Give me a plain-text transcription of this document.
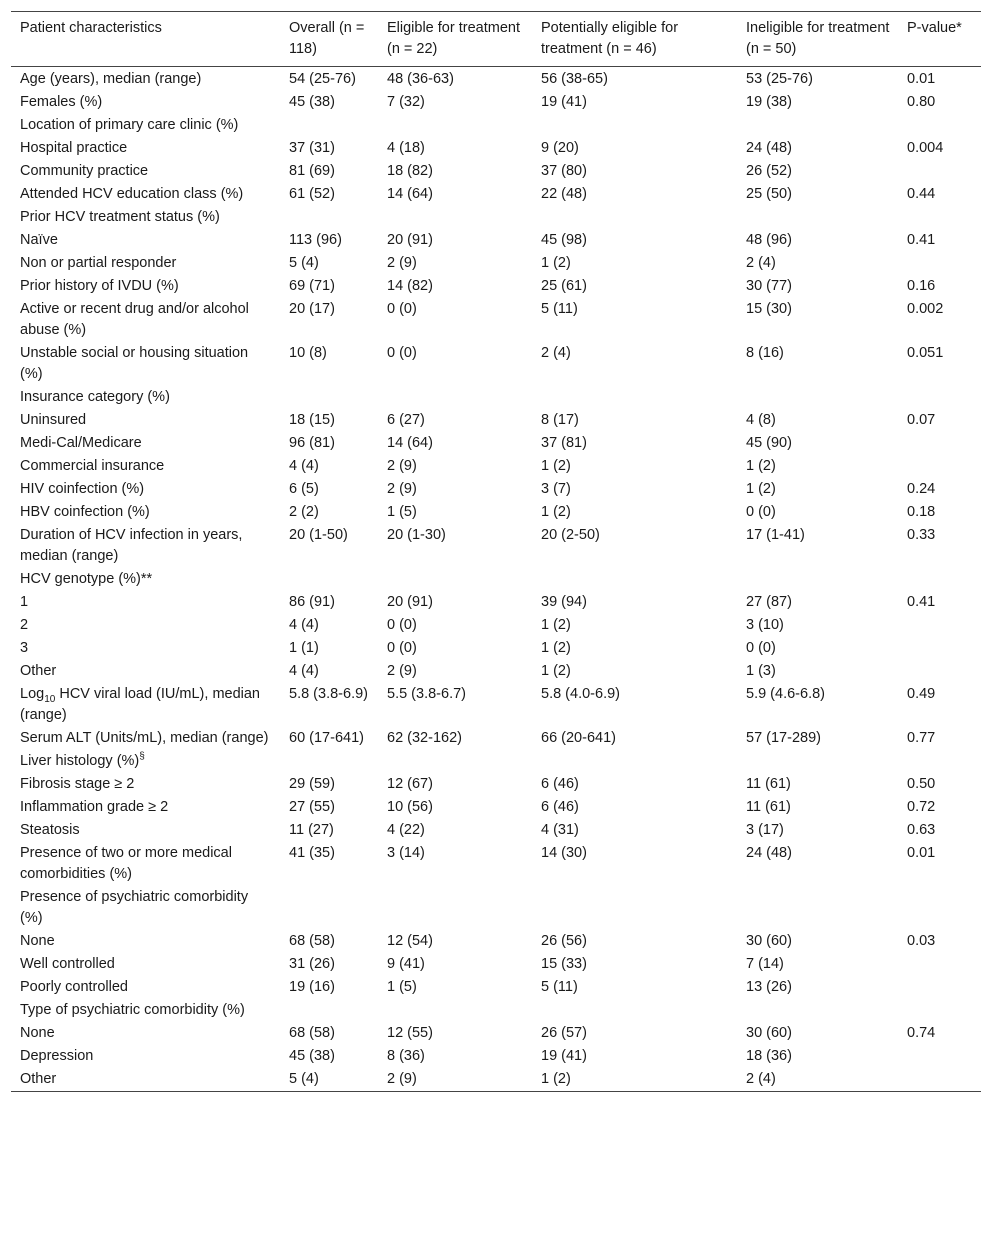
Patient characteristics	Overall (n = 118)	Eligible for treatment (n = 22)	Potentially eligible for treatment (n = 46)	Ineligible for treatment (n = 50)	P-value*
Age (years), median (range)	54 (25-76)	48 (36-63)	56 (38-65)	53 (25-76)	0.01
Females (%)	45 (38)	7 (32)	19 (41)	19 (38)	0.80
Location of primary care clinic (%)					
Hospital practice	37 (31)	4 (18)	9 (20)	24 (48)	0.004
Community practice	81 (69)	18 (82)	37 (80)	26 (52)	
Attended HCV education class (%)	61 (52)	14 (64)	22 (48)	25 (50)	0.44
Prior HCV treatment status (%)					
Naïve	113 (96)	20 (91)	45 (98)	48 (96)	0.41
Non or partial responder	5 (4)	2 (9)	1 (2)	2 (4)	
Prior history of IVDU (%)	69 (71)	14 (82)	25 (61)	30 (77)	0.16
Active or recent drug and/or alcohol abuse (%)	20 (17)	0 (0)	5 (11)	15 (30)	0.002
Unstable social or housing situation (%)	10 (8)	0 (0)	2 (4)	8 (16)	0.051
Insurance category (%)					
Uninsured	18 (15)	6 (27)	8 (17)	4 (8)	0.07
Medi-Cal/Medicare	96 (81)	14 (64)	37 (81)	45 (90)	
Commercial insurance	4 (4)	2 (9)	1 (2)	1 (2)	
HIV coinfection (%)	6 (5)	2 (9)	3 (7)	1 (2)	0.24
HBV coinfection (%)	2 (2)	1 (5)	1 (2)	0 (0)	0.18
Duration of HCV infection in years, median (range)	20 (1-50)	20 (1-30)	20 (2-50)	17 (1-41)	0.33
HCV genotype (%)**					
1	86 (91)	20 (91)	39 (94)	27 (87)	0.41
2	4 (4)	0 (0)	1 (2)	3 (10)	
3	1 (1)	0 (0)	1 (2)	0 (0)	
Other	4 (4)	2 (9)	1 (2)	1 (3)	
Log$_{10}$ HCV viral load (IU/mL), median (range)	5.8 (3.8-6.9)	5.5 (3.8-6.7)	5.8 (4.0-6.9)	5.9 (4.6-6.8)	0.49
Serum ALT (Units/mL), median (range)	60 (17-641)	62 (32-162)	66 (20-641)	57 (17-289)	0.77
Liver histology (%)§					
Fibrosis stage ≥ 2	29 (59)	12 (67)	6 (46)	11 (61)	0.50
Inflammation grade ≥ 2	27 (55)	10 (56)	6 (46)	11 (61)	0.72
Steatosis	11 (27)	4 (22)	4 (31)	3 (17)	0.63
Presence of two or more medical comorbidities (%)	41 (35)	3 (14)	14 (30)	24 (48)	0.01
Presence of psychiatric comorbidity (%)					
None	68 (58)	12 (54)	26 (56)	30 (60)	0.03
Well controlled	31 (26)	9 (41)	15 (33)	7 (14)	
Poorly controlled	19 (16)	1 (5)	5 (11)	13 (26)	
Type of psychiatric comorbidity (%)					
None	68 (58)	12 (55)	26 (57)	30 (60)	0.74
Depression	45 (38)	8 (36)	19 (41)	18 (36)	
Other	5 (4)	2 (9)	1 (2)	2 (4)	
